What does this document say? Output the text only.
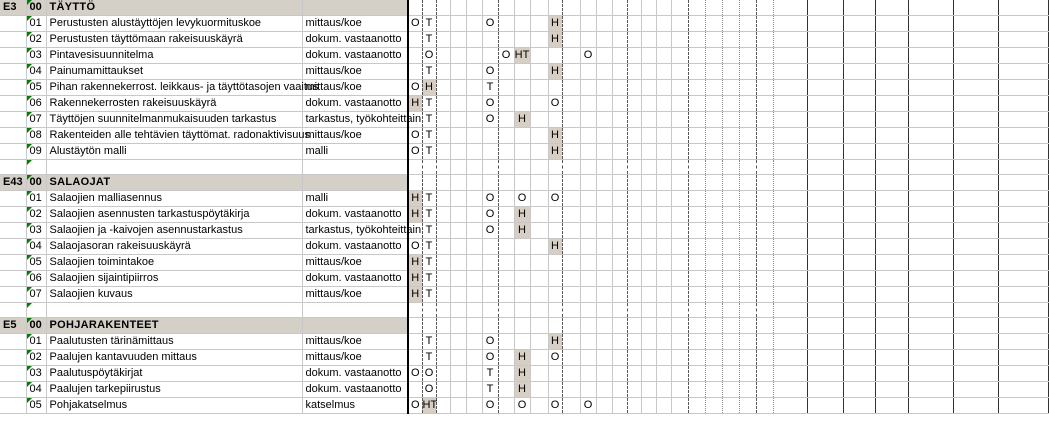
E3	00	TÄYTTÖ																															
	01	Perustusten alustäyttöjen levykuormituskoe	mittaus/koe	O	T				O				H																				
	02	Perustusten täyttömaan rakeisuuskäyrä	dokum. vastaanotto		T								H																				
	03	Pintavesisuunnitelma	dokum. vastaanotto		O					O	HT				O																		
	04	Painumamittaukset	mittaus/koe		T				O				H																				
	05	Pihan rakennekerrost. leikkaus- ja täyttötasojen vaaitus	mittaus/koe	O	H				T																								
	06	Rakennekerrosten rakeisuuskäyrä	dokum. vastaanotto	H	T				O				O																				
	07	Täyttöjen suunnitelmanmukaisuuden tarkastus	tarkastus, työkohteittain		T				O		H																						
	08	Rakenteiden alle tehtävien täyttömat. radonaktivisuus	mittaus/koe	O	T								H																				
	09	Alustäytön malli	malli	O	T								H																				

E43	00	SALAOJAT																															
	01	Salaojien malliasennus	malli	H	T				O		O		O																				
	02	Salaojien asennusten tarkastuspöytäkirja	dokum. vastaanotto	H	T				O		H																						
	03	Salaojien ja -kaivojen asennustarkastus	tarkastus, työkohteittain		T				O		H																						
	04	Salaojasoran rakeisuuskäyrä	dokum. vastaanotto	O	T								H																				
	05	Salaojien toimintakoe	mittaus/koe	H	T																												
	06	Salaojien sijaintipiirros	dokum. vastaanotto	H	T																												
	07	Salaojien kuvaus	mittaus/koe	H	T																												

E5	00	POHJARAKENTEET																															
	01	Paalutusten tärinämittaus	mittaus/koe		T				O				H																				
	02	Paalujen kantavuuden mittaus	mittaus/koe		T				O		H		O																				
	03	Paalutuspöytäkirjat	dokum. vastaanotto	O	O				T		H																						
	04	Paalujen tarkepiirustus	dokum. vastaanotto		O				T		H																						
	05	Pohjakatselmus	katselmus	O	HT				O		O		O		O																		
